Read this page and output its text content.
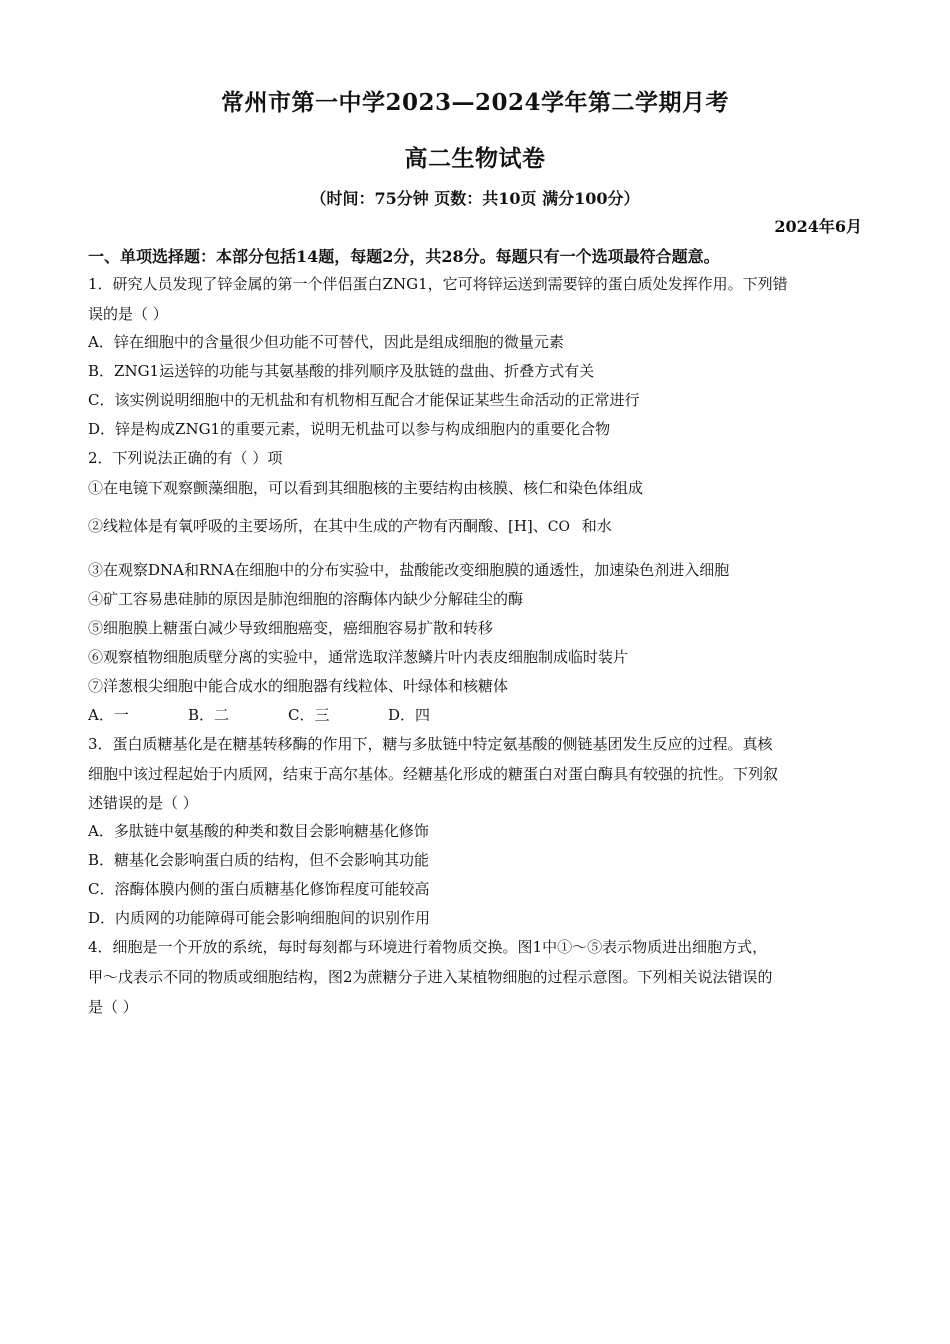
常州市第一中学2023—2024学年第二学期月考
高二生物试卷
（时间：75分钟 页数：共10页 满分100分）
2024年6月
一、单项选择题：本部分包括14题，每题2分，共28分。每题只有一个选项最符合题意。
1．研究人员发现了锌金属的第一个伴侣蛋白ZNG1，它可将锌运送到需要锌的蛋白质处发挥作用。下列错
误的是（ ）
A．锌在细胞中的含量很少但功能不可替代，因此是组成细胞的微量元素
B．ZNG1运送锌的功能与其氨基酸的排列顺序及肽链的盘曲、折叠方式有关
C．该实例说明细胞中的无机盐和有机物相互配合才能保证某些生命活动的正常进行
D．锌是构成ZNG1的重要元素，说明无机盐可以参与构成细胞内的重要化合物
2．下列说法正确的有（ ）项
①在电镜下观察颤藻细胞，可以看到其细胞核的主要结构由核膜、核仁和染色体组成
②线粒体是有氧呼吸的主要场所，在其中生成的产物有丙酮酸、[H]、 CO 和水
③在观察DNA和RNA在细胞中的分布实验中，盐酸能改变细胞膜的通透性，加速染色剂进入细胞
④矿工容易患硅肺的原因是肺泡细胞的溶酶体内缺少分解硅尘的酶
⑤细胞膜上糖蛋白减少导致细胞癌变，癌细胞容易扩散和转移
⑥观察植物细胞质壁分离的实验中，通常选取洋葱鳞片叶内表皮细胞制成临时装片
⑦洋葱根尖细胞中能合成水的细胞器有线粒体、叶绿体和核糖体
A．一	B．二	C．三	D．四
3．蛋白质糖基化是在糖基转移酶的作用下，糖与多肽链中特定氨基酸的侧链基团发生反应的过程。真核
细胞中该过程起始于内质网，结束于高尔基体。经糖基化形成的糖蛋白对蛋白酶具有较强的抗性。下列叙
述错误的是（ ）
A．多肽链中氨基酸的种类和数目会影响糖基化修饰
B．糖基化会影响蛋白质的结构，但不会影响其功能
C．溶酶体膜内侧的蛋白质糖基化修饰程度可能较高
D．内质网的功能障碍可能会影响细胞间的识别作用
4．细胞是一个开放的系统，每时每刻都与环境进行着物质交换。图1中①～⑤表示物质进出细胞方式，
甲～戊表示不同的物质或细胞结构，图2为蔗糖分子进入某植物细胞的过程示意图。下列相关说法错误的
是（ ）
